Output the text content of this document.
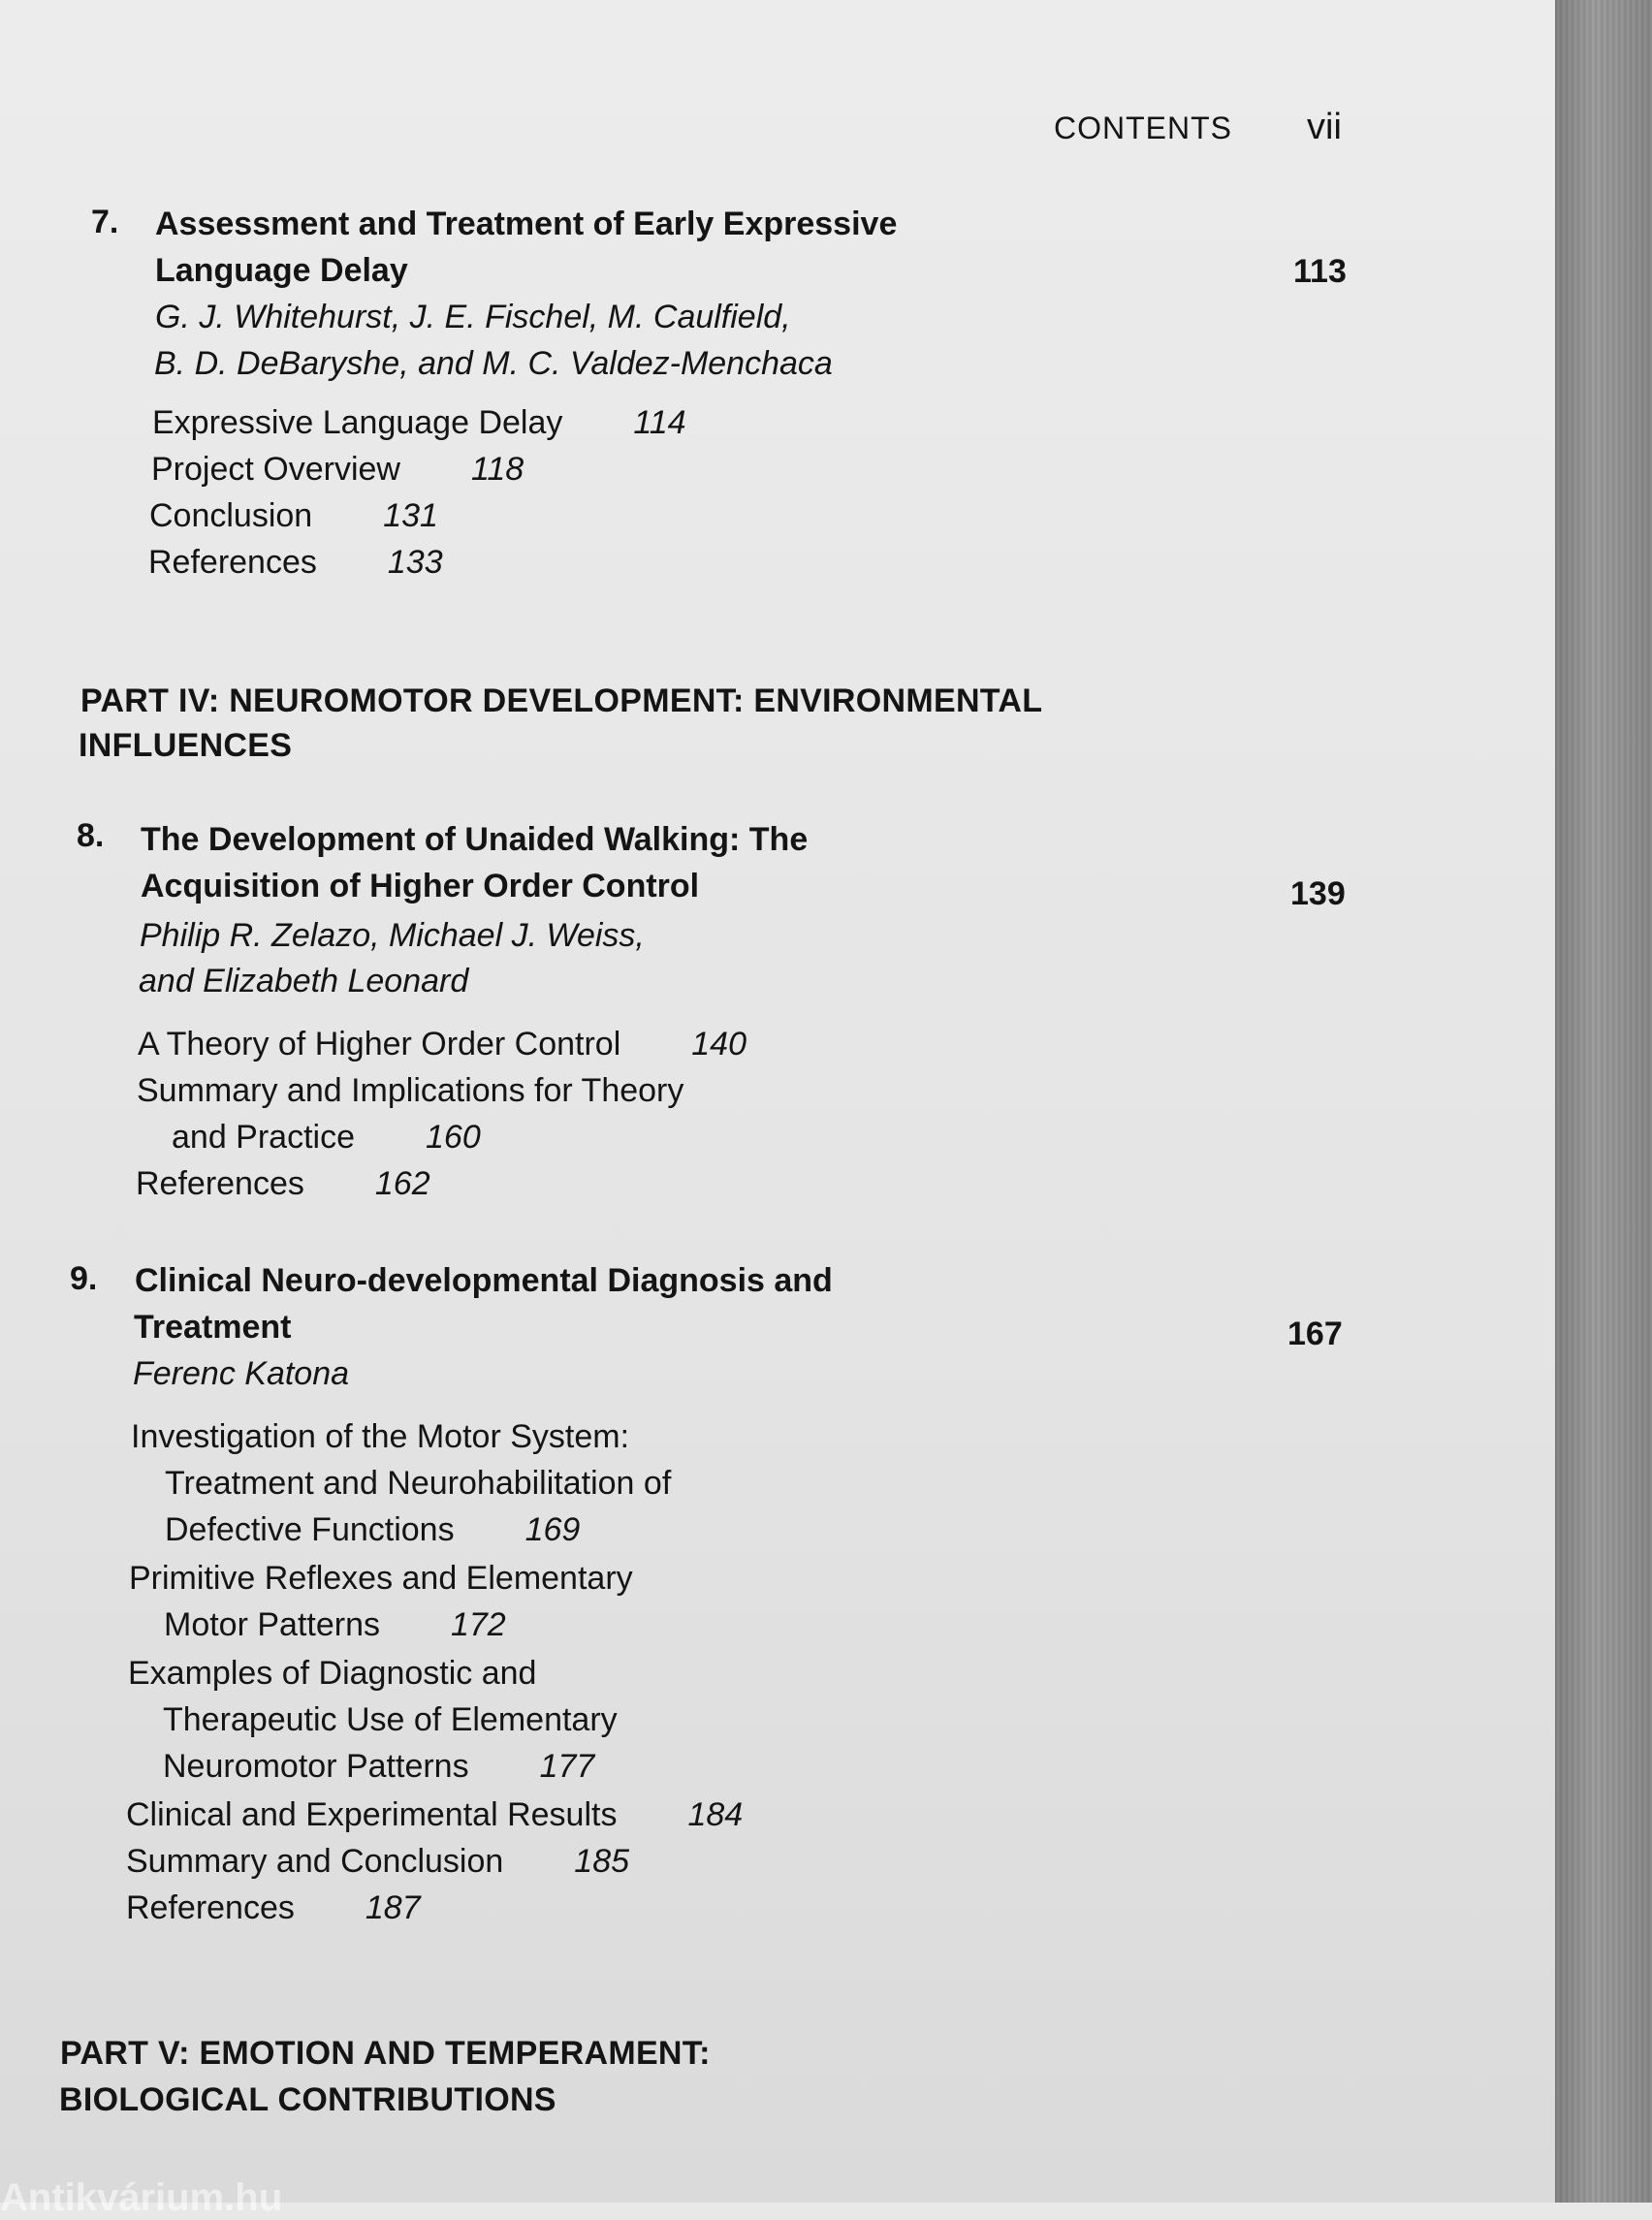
CONTENTS vii
7. Assessment and Treatment of Early Expressive
Language Delay	113
G. J. Whitehurst, J. E. Fischel, M. Caulfield,
B. D. DeBaryshe, and M. C. Valdez-Menchaca
Expressive Language Delay 114
Project Overview 118
Conclusion 131
References 133
PART IV: NEUROMOTOR DEVELOPMENT: ENVIRONMENTAL
INFLUENCES
8. The Development of Unaided Walking: The
Acquisition of Higher Order Control	139
Philip R. Zelazo, Michael J. Weiss,
and Elizabeth Leonard
A Theory of Higher Order Control 140
Summary and Implications for Theory
and Practice 160
References 162
9. Clinical Neuro-developmental Diagnosis and
Treatment	167
Ferenc Katona
Investigation of the Motor System:
Treatment and Neurohabilitation of
Defective Functions 169
Primitive Reflexes and Elementary
Motor Patterns 172
Examples of Diagnostic and
Therapeutic Use of Elementary
Neuromotor Patterns 177
Clinical and Experimental Results 184
Summary and Conclusion 185
References 187
PART V: EMOTION AND TEMPERAMENT:
BIOLOGICAL CONTRIBUTIONS
Antikvárium.hu
